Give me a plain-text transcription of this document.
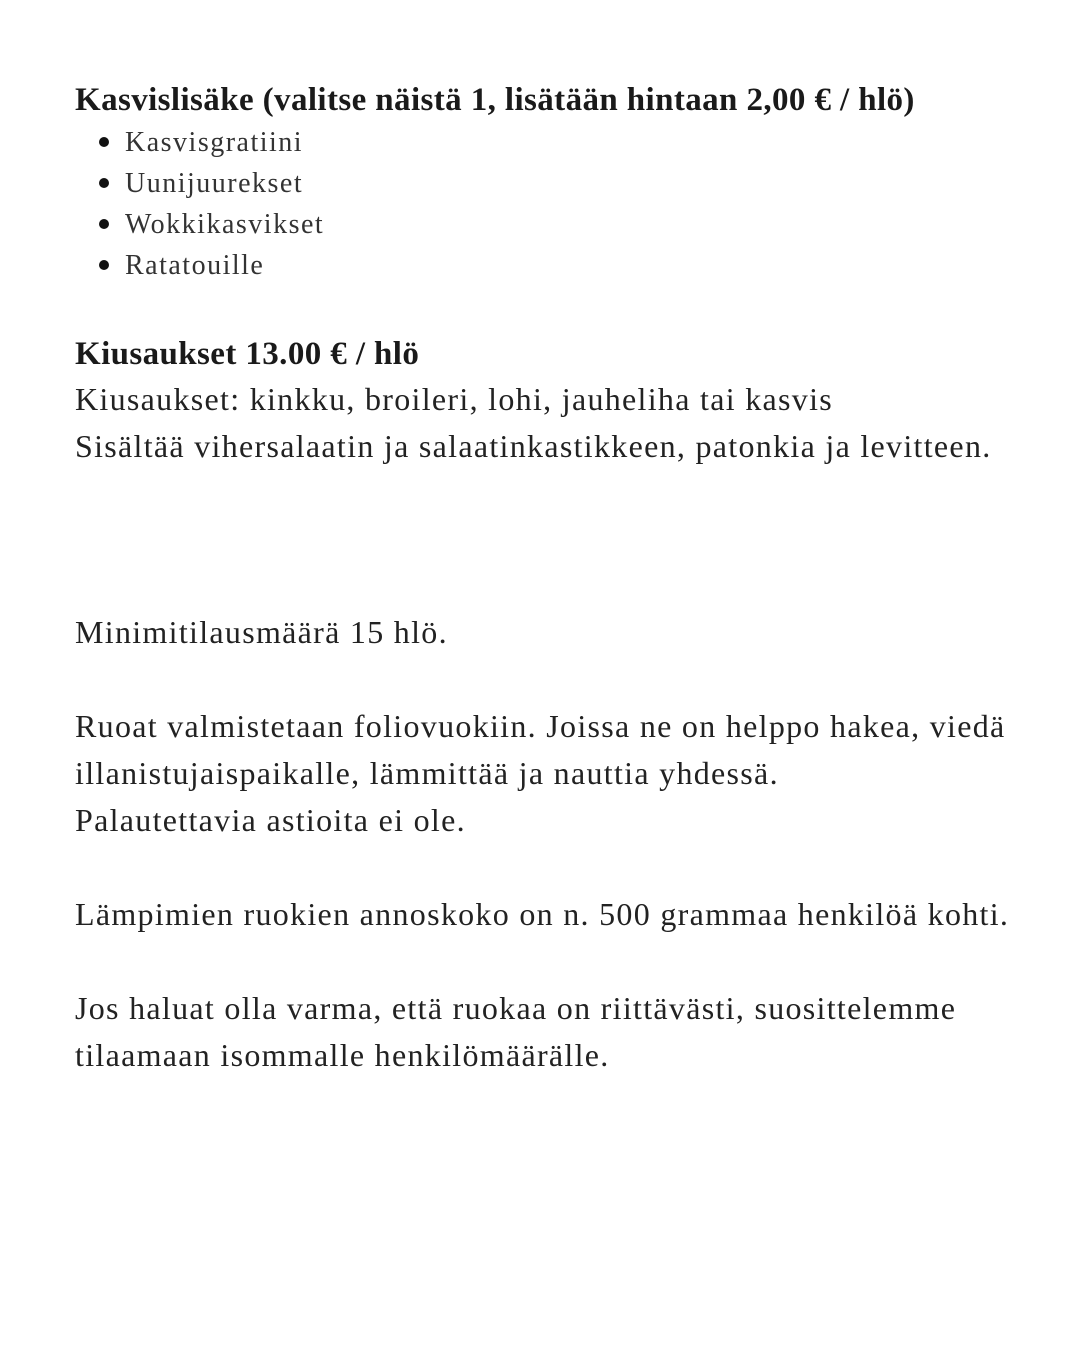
Kasvislisäke (valitse näistä 1, lisätään hintaan 2,00 € / hlö)
Kasvisgratiini
Uunijuurekset
Wokkikasvikset
Ratatouille
Kiusaukset 13.00 € / hlö

Kiusaukset: kinkku, broileri, lohi, jauheliha tai kasvis

Sisältää vihersalaatin ja salaatinkastikkeen, patonkia ja levitteen.

Minimitilausmäärä 15 hlö.

Ruoat valmistetaan foliovuokiin. Joissa ne on helppo hakea, viedä

illanistujaispaikalle, lämmittää ja nauttia yhdessä.

Palautettavia astioita ei ole.

Lämpimien ruokien annoskoko on n. 500 grammaa henkilöä kohti.

Jos haluat olla varma, että ruokaa on riittävästi, suosittelemme

tilaamaan isommalle henkilömäärälle.
